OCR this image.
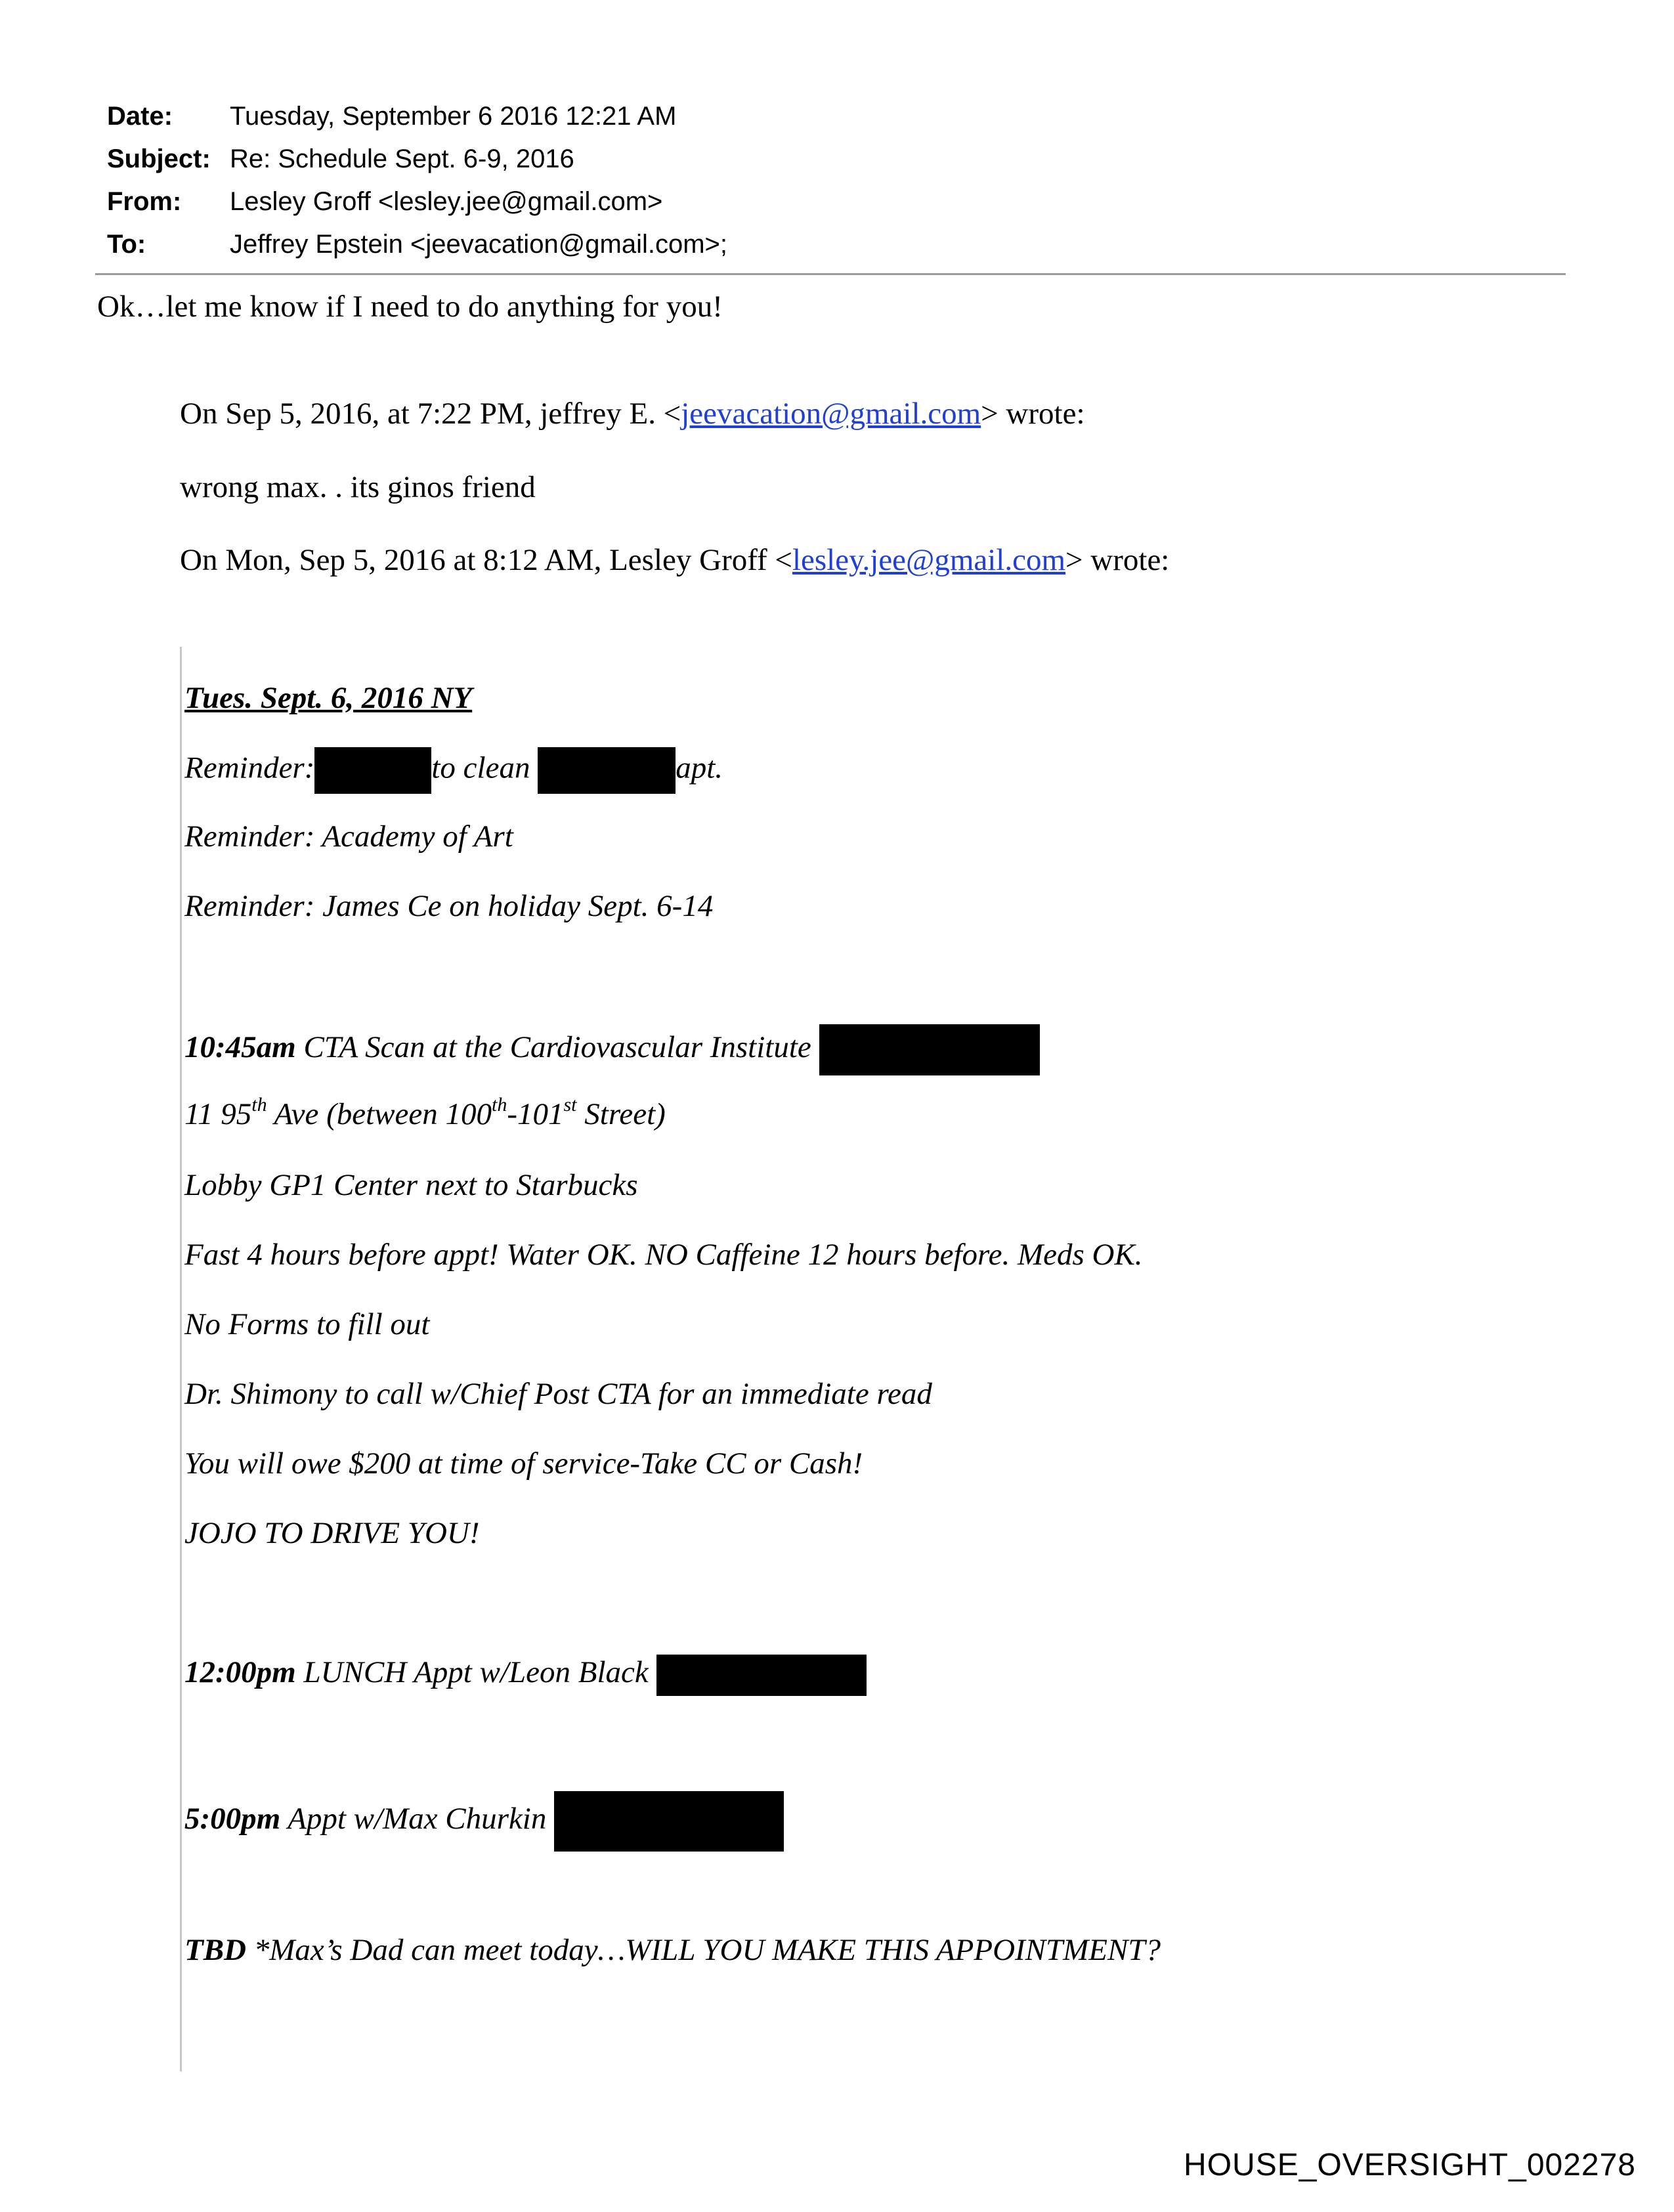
Date: Tuesday, September 6 2016 12:21 AM
Subject: Re: Schedule Sept. 6-9, 2016
From: Lesley Groff <lesley.jee@gmail.com>
To:	Jeffrey Epstein <jeevacation@gmail.com>;
Ok…let me know if I need to do anything for you!
On Sep 5, 2016, at 7:22 PM, jeffrey E. <jeevacation@gmail.com> wrote:
wrong max. . its ginos friend
On Mon, Sep 5, 2016 at 8:12 AM, Lesley Groff <lesley.jee@gmail.com> wrote:
Tues. Sept. 6, 2016 NY
Reminder:	to clean	apt.
Reminder: Academy of Art
Reminder: James Ce on holiday Sept. 6-14
10:45am CTA Scan at the Cardiovascular Institute
11 95th Ave (between 100th-101st Street)
Lobby GP1 Center next to Starbucks
Fast 4 hours before appt! Water OK. NO Caffeine 12 hours before. Meds OK.
No Forms to fill out
Dr. Shimony to call w/Chief Post CTA for an immediate read
You will owe $200 at time of service-Take CC or Cash!
JOJO TO DRIVE YOU!
12:00pm LUNCH Appt w/Leon Black
5:00pm Appt w/Max Churkin
TBD *Max’s Dad can meet today…WILL YOU MAKE THIS APPOINTMENT?
HOUSE_OVERSIGHT_002278
